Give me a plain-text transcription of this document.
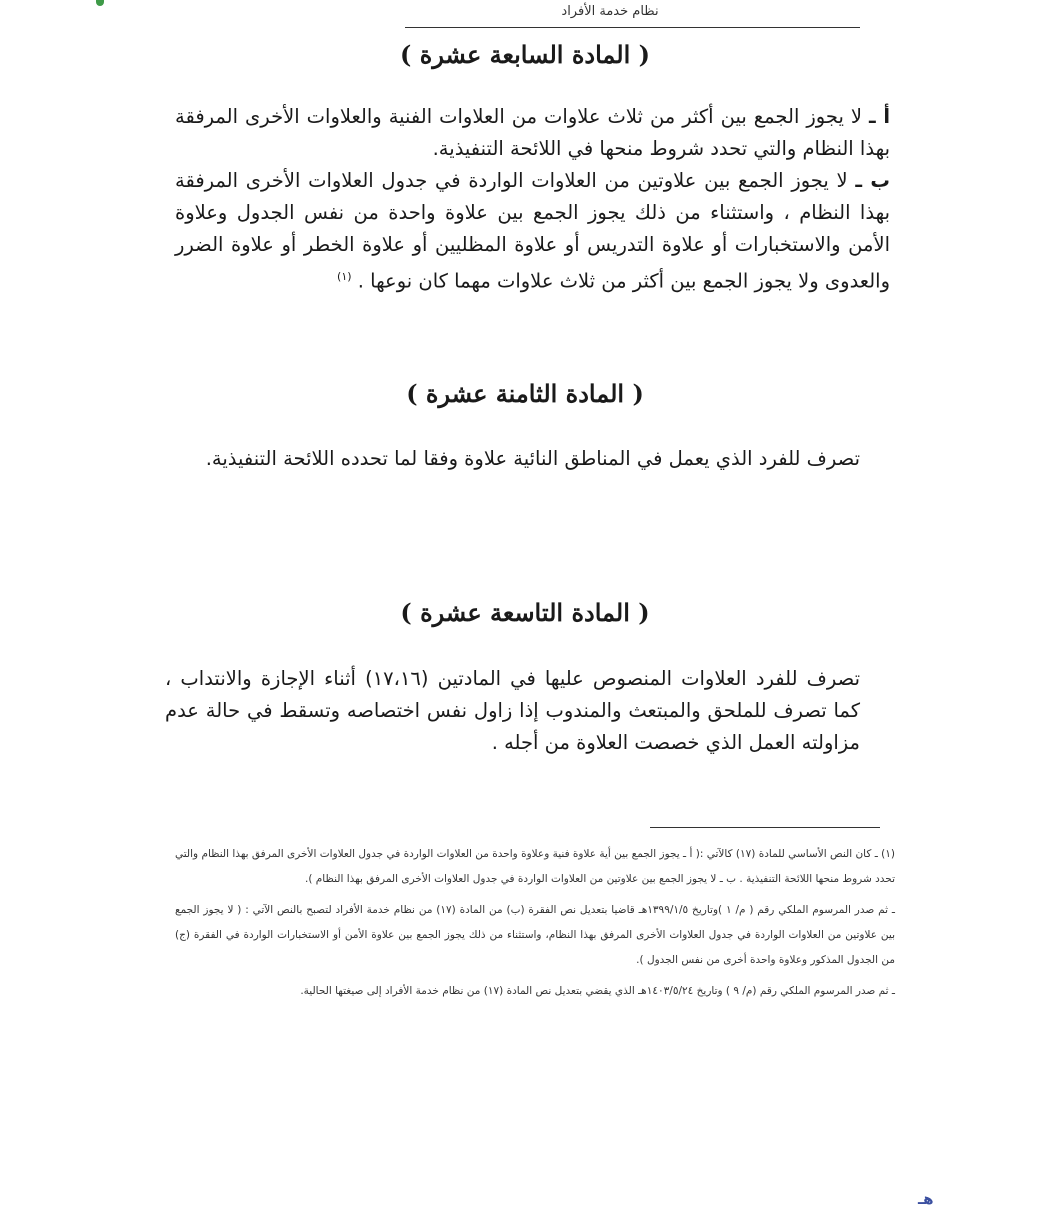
نظام خدمة الأفراد
( المادة السابعة عشرة )
أ ـ لا يجوز الجمع بين أكثر من ثلاث علاوات من العلاوات الفنية والعلاوات الأخرى المرفقة بهذا النظام والتي تحدد شروط منحها في اللائحة التنفيذية.
ب ـ لا يجوز الجمع بين علاوتين من العلاوات الواردة في جدول العلاوات الأخرى المرفقة بهذا النظام ، واستثناء من ذلك يجوز الجمع بين علاوة واحدة من نفس الجدول وعلاوة الأمن والاستخبارات أو علاوة التدريس أو علاوة المظليين أو علاوة الخطر أو علاوة الضرر والعدوى ولا يجوز الجمع بين أكثر من ثلاث علاوات مهما كان نوعها . $^{(١)}$
( المادة الثامنة عشرة )
تصرف للفرد الذي يعمل في المناطق النائية علاوة وفقا لما تحدده اللائحة التنفيذية.
( المادة التاسعة عشرة )
تصرف للفرد العلاوات المنصوص عليها في المادتين (١٧،١٦) أثناء الإجازة والانتداب ، كما تصرف للملحق والمبتعث والمندوب إذا زاول نفس اختصاصه وتسقط في حالة عدم مزاولته العمل الذي خصصت العلاوة من أجله .

(١) ـ كان النص الأساسي للمادة (١٧) كالآتي :( أ ـ يجوز الجمع بين أية علاوة فنية وعلاوة واحدة من العلاوات الواردة في جدول العلاوات الأخرى المرفق بهذا النظام والتي تحدد شروط منحها اللائحة التنفيذية . ب ـ لا يجوز الجمع بين علاوتين من العلاوات الواردة في جدول العلاوات الأخرى المرفق بهذا النظام ).

ـ ثم صدر المرسوم الملكي رقم ( م/ ١ )وتاريخ ١٣٩٩/١/٥هـ قاضيا بتعديل نص الفقرة (ب) من المادة (١٧) من نظام خدمة الأفراد لتصبح بالنص الآتي : ( لا يجوز الجمع بين علاوتين من العلاوات الواردة في جدول العلاوات الأخرى المرفق بهذا النظام، واستثناء من ذلك يجوز الجمع بين علاوة الأمن أو الاستخبارات الواردة في الفقرة (ج) من الجدول المذكور وعلاوة واحدة أخرى من نفس الجدول ).

ـ ثم صدر المرسوم الملكي رقم (م/ ٩ ) وتاريخ ١٤٠٣/٥/٢٤هـ الذي يقضي بتعديل نص المادة (١٧) من نظام خدمة الأفراد إلى صيغتها الحالية.

هـ
